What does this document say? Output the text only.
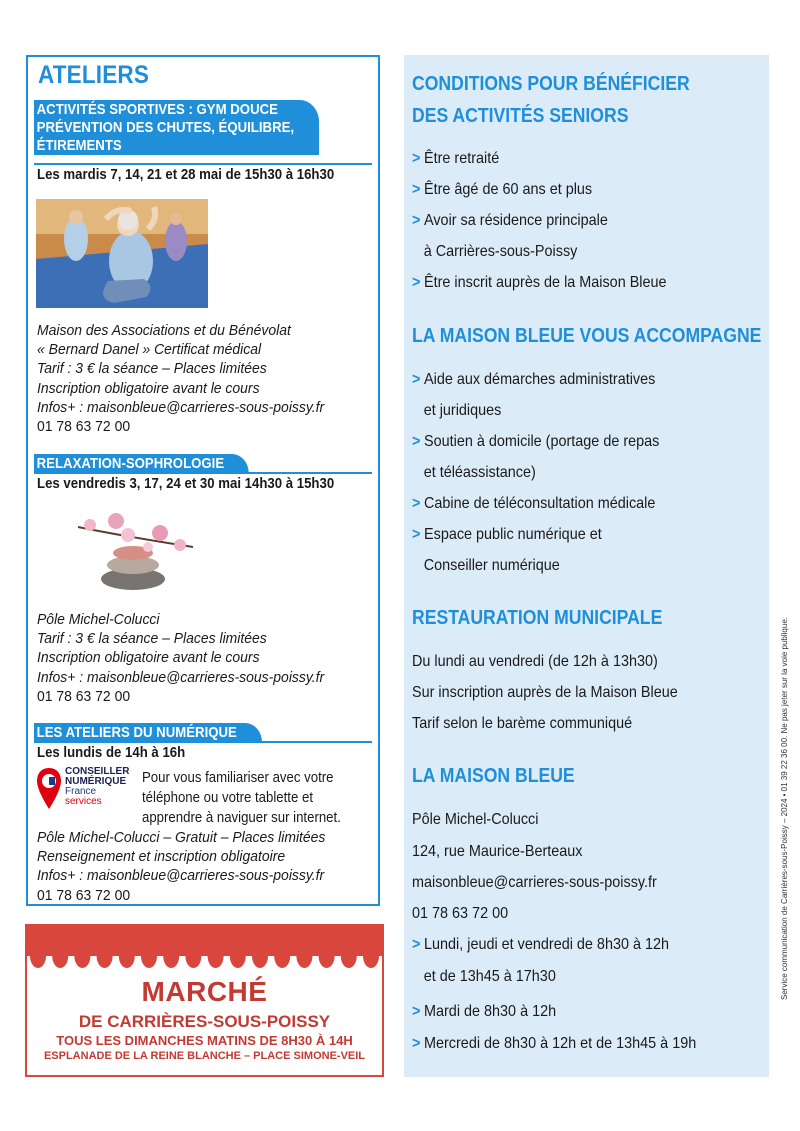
ATELIERS
ACTIVITÉS SPORTIVES : GYM DOUCE
PRÉVENTION DES CHUTES, ÉQUILIBRE,
ÉTIREMENTS
Les mardis 7, 14, 21 et 28 mai de 15h30 à 16h30
Maison des Associations et du Bénévolat
« Bernard Danel » Certificat médical
Tarif : 3 € la séance – Places limitées
Inscription obligatoire avant le cours
Infos+ : maisonbleue@carrieres-sous-poissy.fr
01 78 63 72 00
RELAXATION-SOPHROLOGIE
Les vendredis 3, 17, 24 et 30 mai 14h30 à 15h30
Pôle Michel-Colucci
Tarif : 3 € la séance – Places limitées
Inscription obligatoire avant le cours
Infos+ : maisonbleue@carrieres-sous-poissy.fr
01 78 63 72 00
LES ATELIERS DU NUMÉRIQUE
Les lundis de 14h à 16h
CONSEILLER
NUMÉRIQUE
France
services
Pour vous familiariser avec votre
téléphone ou votre tablette et
apprendre à naviguer sur internet.
Pôle Michel-Colucci – Gratuit – Places limitées
Renseignement et inscription obligatoire
Infos+ : maisonbleue@carrieres-sous-poissy.fr
01 78 63 72 00
MARCHÉ
DE CARRIÈRES-SOUS-POISSY
TOUS LES DIMANCHES MATINS DE 8H30 À 14H
ESPLANADE DE LA REINE BLANCHE – PLACE SIMONE-VEIL
CONDITIONS POUR BÉNÉFICIER
DES ACTIVITÉS SENIORS
> Être retraité
> Être âgé de 60 ans et plus
> Avoir sa résidence principale
à Carrières-sous-Poissy
> Être inscrit auprès de la Maison Bleue
LA MAISON BLEUE VOUS ACCOMPAGNE
> Aide aux démarches administratives
et juridiques
> Soutien à domicile (portage de repas
et téléassistance)
> Cabine de téléconsultation médicale
> Espace public numérique et
Conseiller numérique
RESTAURATION MUNICIPALE
Du lundi au vendredi (de 12h à 13h30)
Sur inscription auprès de la Maison Bleue
Tarif selon le barème communiqué
LA MAISON BLEUE
Pôle Michel-Colucci
124, rue Maurice-Berteaux
maisonbleue@carrieres-sous-poissy.fr
01 78 63 72 00
> Lundi, jeudi et vendredi de 8h30 à 12h
et de 13h45 à 17h30
> Mardi de 8h30 à 12h
> Mercredi de 8h30 à 12h et de 13h45 à 19h
Service communication de Carrières-sous-Poissy – 2024 • 01 39 22 36 00. Ne pas jeter sur la voie publique.
